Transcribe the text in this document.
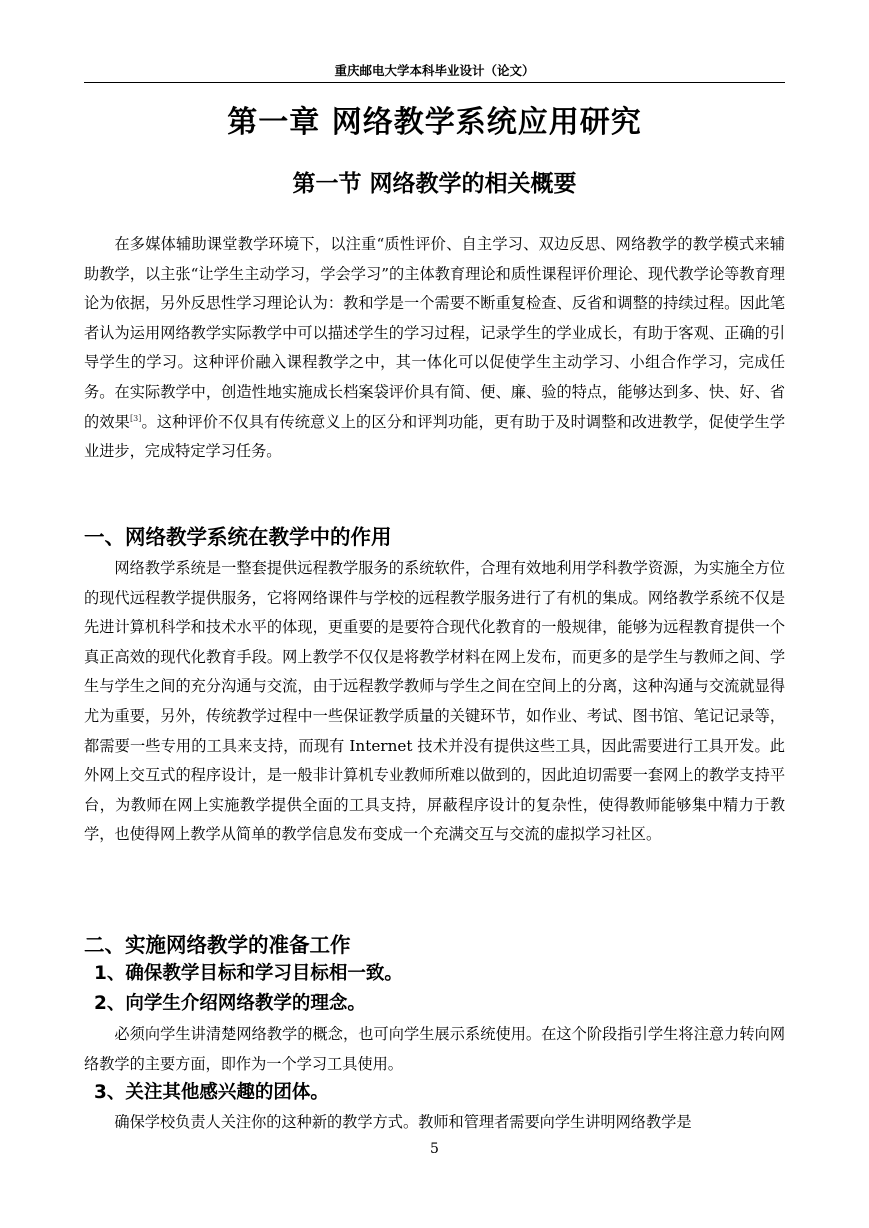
重庆邮电大学本科毕业设计（论文）
第一章 网络教学系统应用研究
第一节 网络教学的相关概要

在多媒体辅助课堂教学环境下，以注重“质性评价、自主学习、双边反思、网络教学的教学模式来辅助教学，以主张“让学生主动学习，学会学习”的主体教育理论和质性课程评价理论、现代教学论等教育理论为依据，另外反思性学习理论认为：教和学是一个需要不断重复检查、反省和调整的持续过程。因此笔者认为运用网络教学实际教学中可以描述学生的学习过程，记录学生的学业成长，有助于客观、正确的引导学生的学习。这种评价融入课程教学之中，其一体化可以促使学生主动学习、小组合作学习，完成任务。在实际教学中，创造性地实施成长档案袋评价具有简、便、廉、验的特点，能够达到多、快、好、省的效果[3]。这种评价不仅具有传统意义上的区分和评判功能，更有助于及时调整和改进教学，促使学生学业进步，完成特定学习任务。

一、网络教学系统在教学中的作用

网络教学系统是一整套提供远程教学服务的系统软件，合理有效地利用学科教学资源，为实施全方位的现代远程教学提供服务，它将网络课件与学校的远程教学服务进行了有机的集成。网络教学系统不仅是先进计算机科学和技术水平的体现，更重要的是要符合现代化教育的一般规律，能够为远程教育提供一个真正高效的现代化教育手段。网上教学不仅仅是将教学材料在网上发布，而更多的是学生与教师之间、学生与学生之间的充分沟通与交流，由于远程教学教师与学生之间在空间上的分离，这种沟通与交流就显得尤为重要，另外，传统教学过程中一些保证教学质量的关键环节，如作业、考试、图书馆、笔记记录等，都需要一些专用的工具来支持，而现有 Internet 技术并没有提供这些工具，因此需要进行工具开发。此外网上交互式的程序设计，是一般非计算机专业教师所难以做到的，因此迫切需要一套网上的教学支持平台，为教师在网上实施教学提供全面的工具支持，屏蔽程序设计的复杂性，使得教师能够集中精力于教学，也使得网上教学从简单的教学信息发布变成一个充满交互与交流的虚拟学习社区。

二、实施网络教学的准备工作
1、确保教学目标和学习目标相一致。
2、向学生介绍网络教学的理念。

必须向学生讲清楚网络教学的概念，也可向学生展示系统使用。在这个阶段指引学生将注意力转向网络教学的主要方面，即作为一个学习工具使用。

3、关注其他感兴趣的团体。

确保学校负责人关注你的这种新的教学方式。教师和管理者需要向学生讲明网络教学是

5
